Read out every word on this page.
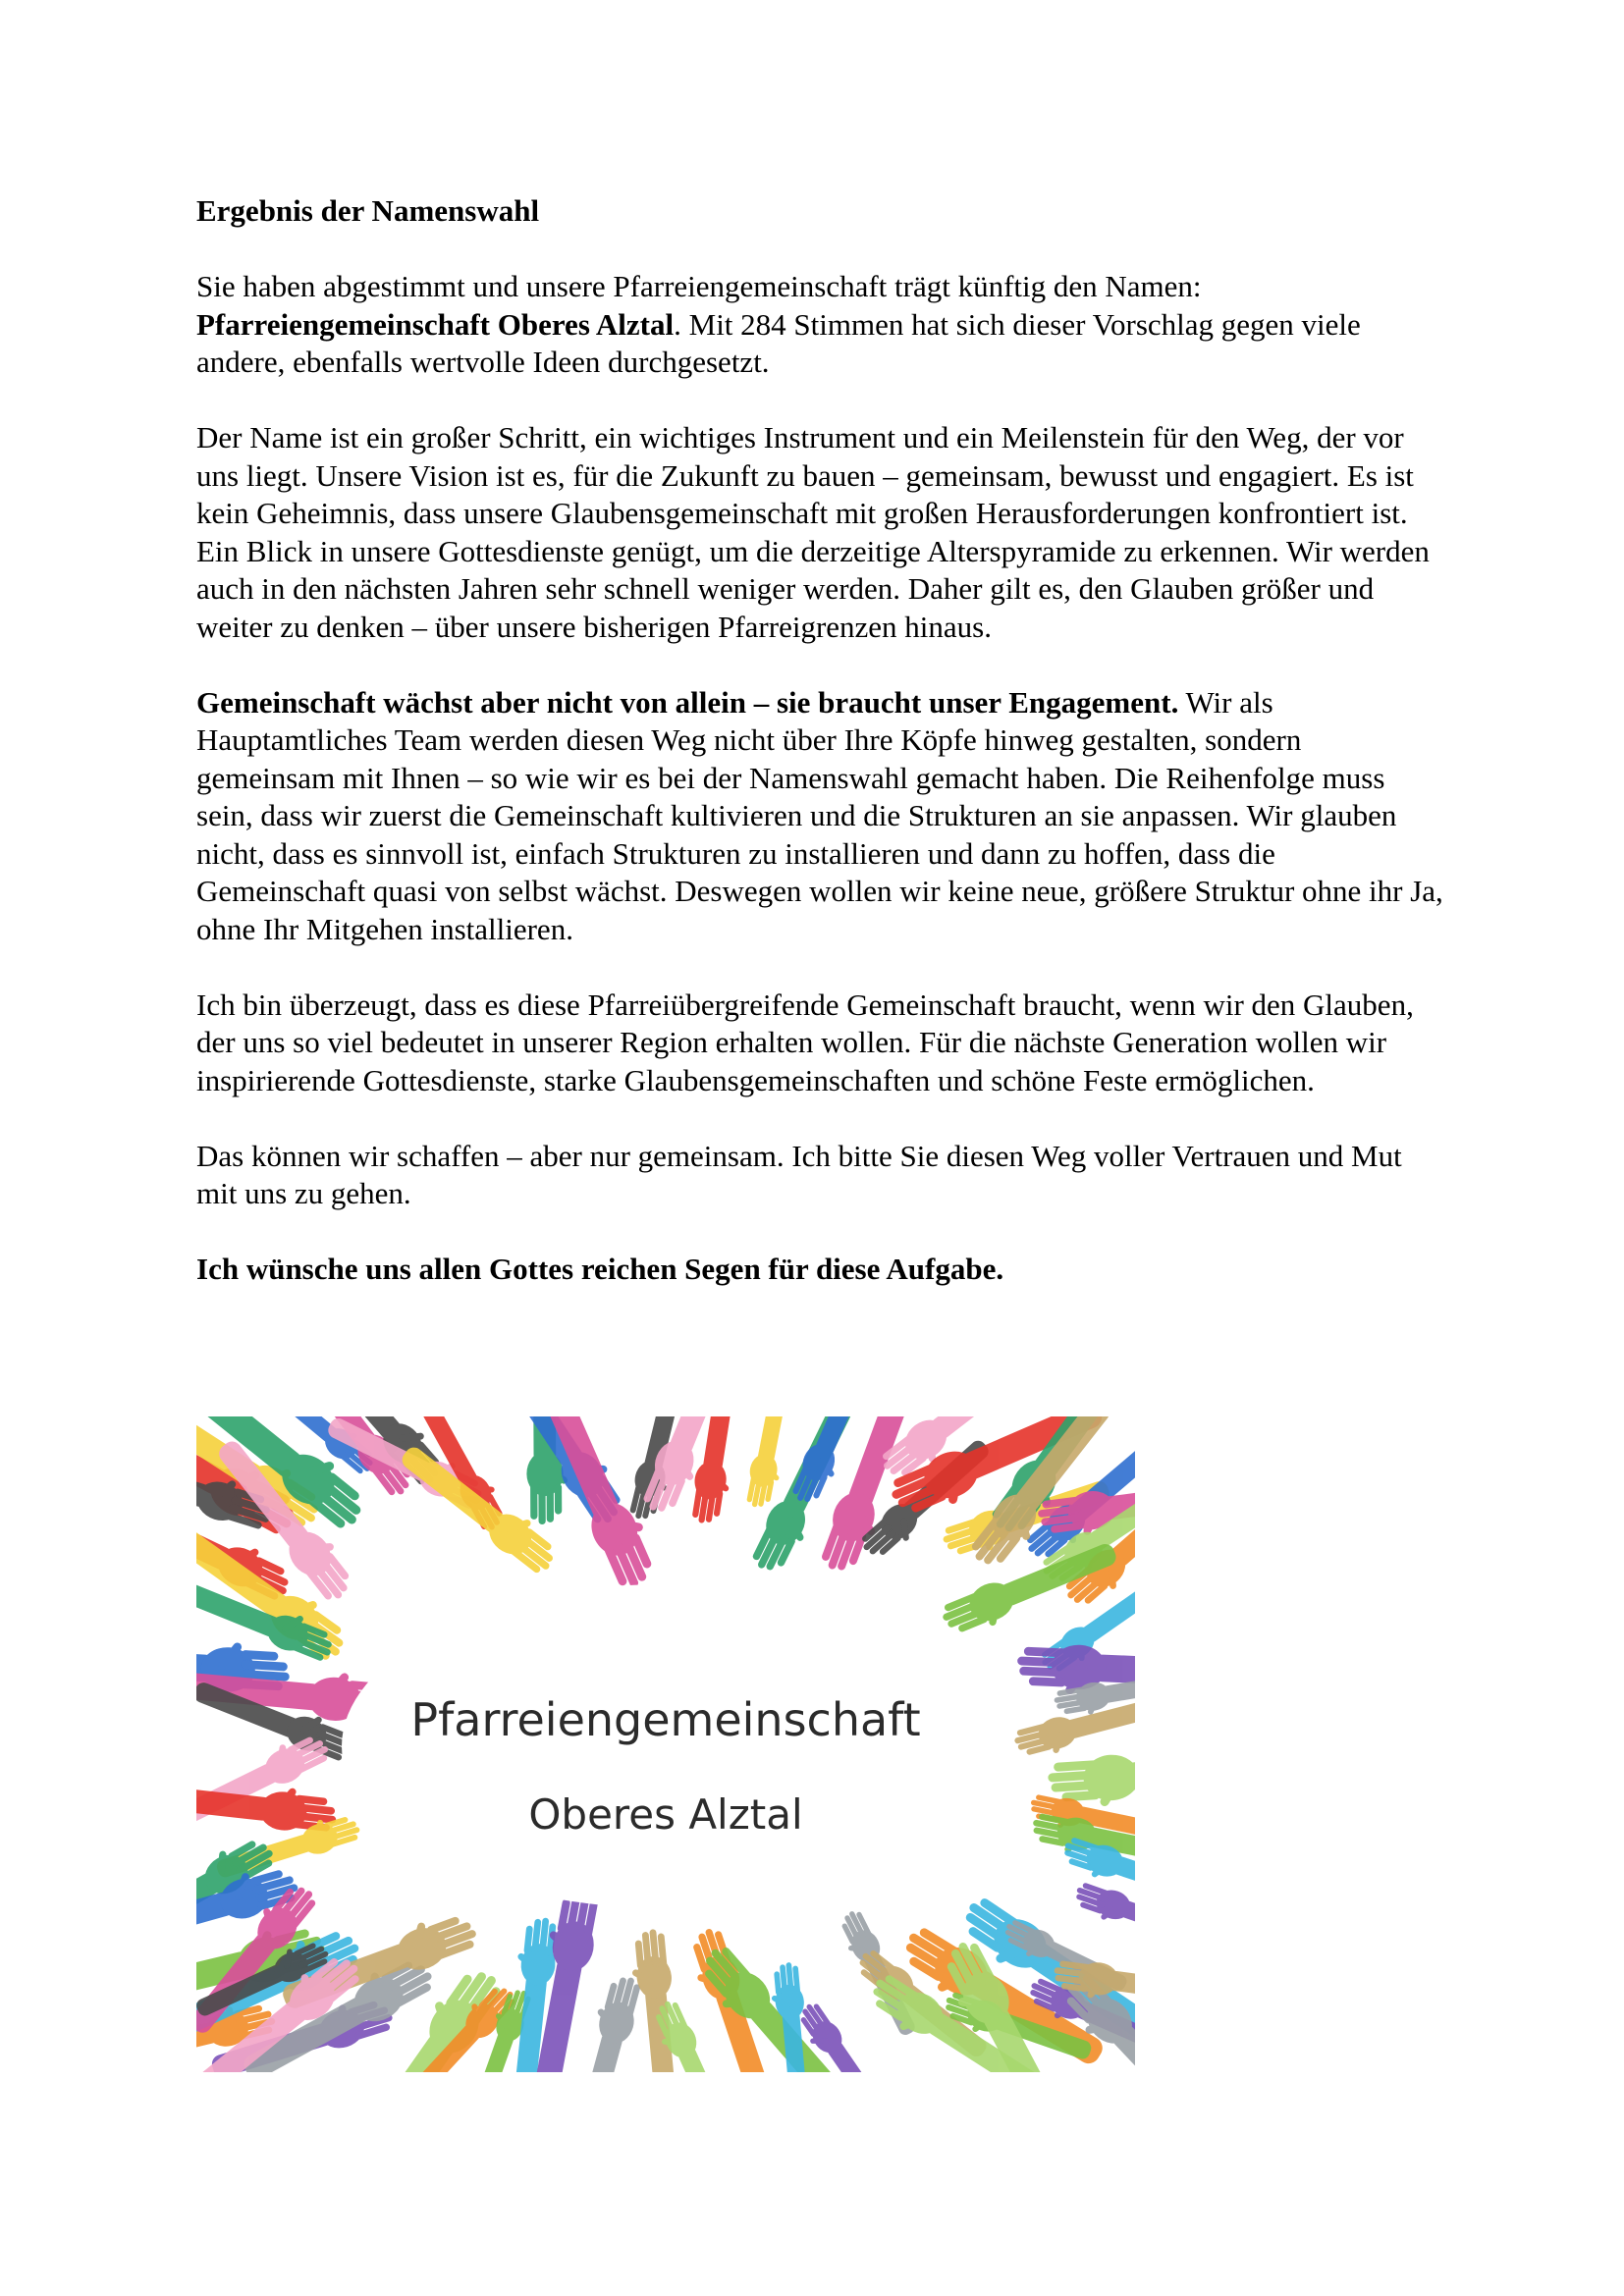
Ergebnis der Namenswahl

Sie haben abgestimmt und unsere Pfarreiengemeinschaft trägt künftig den Namen:
Pfarreiengemeinschaft Oberes Alztal. Mit 284 Stimmen hat sich dieser Vorschlag gegen viele andere, ebenfalls wertvolle Ideen durchgesetzt.

Der Name ist ein großer Schritt, ein wichtiges Instrument und ein Meilenstein für den Weg, der vor uns liegt. Unsere Vision ist es, für die Zukunft zu bauen – gemeinsam, bewusst und engagiert. Es ist kein Geheimnis, dass unsere Glaubensgemeinschaft mit großen Herausforderungen konfrontiert ist. Ein Blick in unsere Gottesdienste genügt, um die derzeitige Alterspyramide zu erkennen. Wir werden auch in den nächsten Jahren sehr schnell weniger werden. Daher gilt es, den Glauben größer und weiter zu denken – über unsere bisherigen Pfarreigrenzen hinaus.

Gemeinschaft wächst aber nicht von allein – sie braucht unser Engagement. Wir als Hauptamtliches Team werden diesen Weg nicht über Ihre Köpfe hinweg gestalten, sondern gemeinsam mit Ihnen – so wie wir es bei der Namenswahl gemacht haben. Die Reihenfolge muss sein, dass wir zuerst die Gemeinschaft kultivieren und die Strukturen an sie anpassen. Wir glauben nicht, dass es sinnvoll ist, einfach Strukturen zu installieren und dann zu hoffen, dass die Gemeinschaft quasi von selbst wächst. Deswegen wollen wir keine neue, größere Struktur ohne ihr Ja, ohne Ihr Mitgehen installieren.

Ich bin überzeugt, dass es diese Pfarreiübergreifende Gemeinschaft braucht, wenn wir den Glauben, der uns so viel bedeutet in unserer Region erhalten wollen. Für die nächste Generation wollen wir inspirierende Gottesdienste, starke Glaubensgemeinschaften und schöne Feste ermöglichen.

Das können wir schaffen – aber nur gemeinsam. Ich bitte Sie diesen Weg voller Vertrauen und Mut mit uns zu gehen.

Ich wünsche uns allen Gottes reichen Segen für diese Aufgabe.

Pfarreiengemeinschaft
Oberes Alztal
